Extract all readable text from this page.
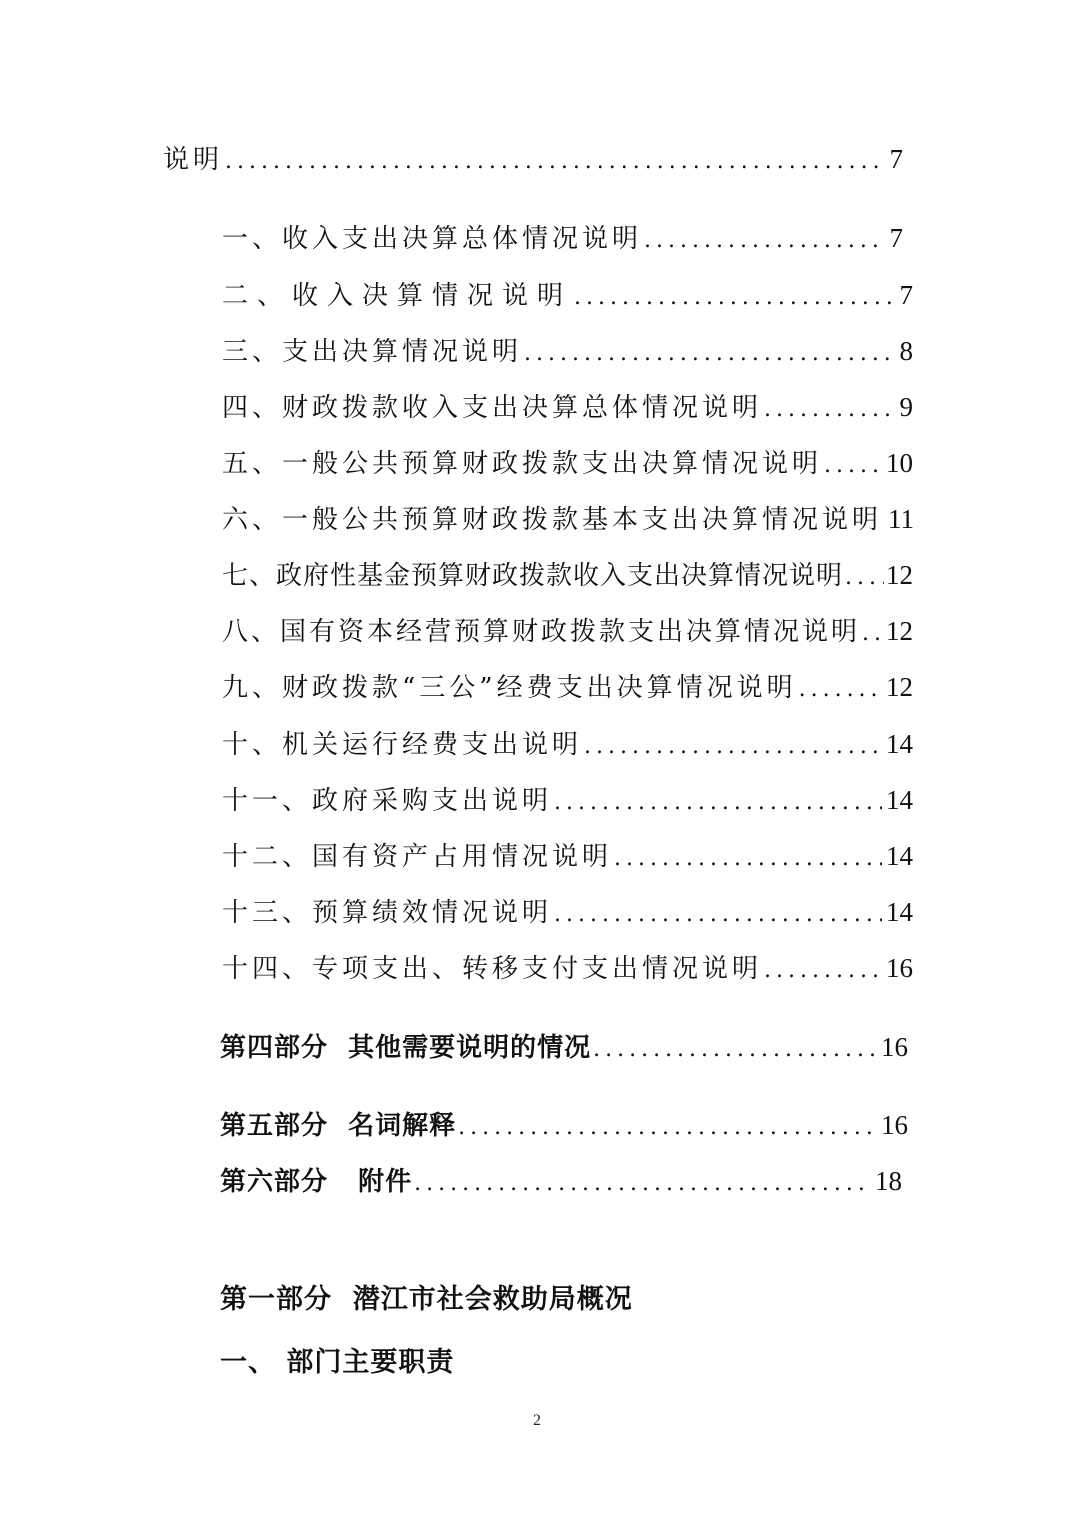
说明 .....	7
一、收入支出决算总体情况说明 .....	7
二、收入决算情况说明 .....	7
三、支出决算情况说明 .....	8
四、财政拨款收入支出决算总体情况说明 .....	9
五、一般公共预算财政拨款支出决算情况说明 ..... 10
六、一般公共预算财政拨款基本支出决算情况说明 11
七、政府性基金预算财政拨款收入支出决算情况说明 ..... 12
八、国有资本经营预算财政拨款支出决算情况说明 ..... 12
九、财政拨款“三公”经费支出决算情况说明 .....	12
十、机关运行经费支出说明 .....	14
十一、政府采购支出说明 .....	14
十二、国有资产占用情况说明 .....	14
十三、预算绩效情况说明 .....	14
十四、专项支出、转移支付支出情况说明 .....	16
第四部分  其他需要说明的情况 .....	16
第五部分  名词解释 .....	16
第六部分   附件 .....	18
第一部分  潜江市社会救助局概况
一、 部门主要职责
2
